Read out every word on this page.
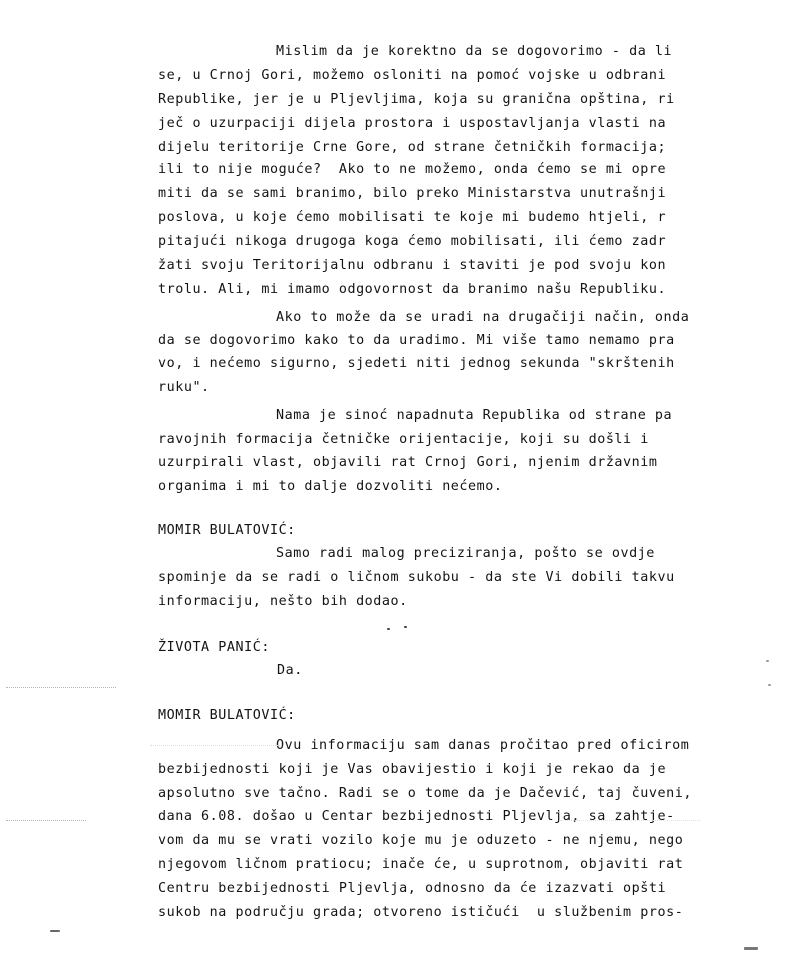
Mislim da je korektno da se dogovorimo - da li
se, u Crnoj Gori, možemo osloniti na pomoć vojske u odbrani
Republike, jer je u Pljevljima, koja su granična opština, ri
ječ o uzurpaciji dijela prostora i uspostavljanja vlasti na
dijelu teritorije Crne Gore, od strane četničkih formacija;
ili to nije moguće?  Ako to ne možemo, onda ćemo se mi opre
miti da se sami branimo, bilo preko Ministarstva unutrašnji
poslova, u koje ćemo mobilisati te koje mi budemo htjeli, r
pitajući nikoga drugoga koga ćemo mobilisati, ili ćemo zadr
žati svoju Teritorijalnu odbranu i staviti je pod svoju kon
trolu. Ali, mi imamo odgovornost da branimo našu Republiku.
Ako to može da se uradi na drugačiji način, onda
da se dogovorimo kako to da uradimo. Mi više tamo nemamo pra
vo, i nećemo sigurno, sjedeti niti jednog sekunda "skrštenih
ruku".
Nama je sinoć napadnuta Republika od strane pa
ravojnih formacija četničke orijentacije, koji su došli i
uzurpirali vlast, objavili rat Crnoj Gori, njenim državnim
organima i mi to dalje dozvoliti nećemo.
MOMIR BULATOVIĆ:
Samo radi malog preciziranja, pošto se ovdje
spominje da se radi o ličnom sukobu - da ste Vi dobili takvu
informaciju, nešto bih dodao.
ŽIVOTA PANIĆ:
Da.
MOMIR BULATOVIĆ:
Ovu informaciju sam danas pročitao pred oficirom
bezbijednosti koji je Vas obavijestio i koji je rekao da je
apsolutno sve tačno. Radi se o tome da je Dačević, taj čuveni,
dana 6.08. došao u Centar bezbijednosti Pljevlja, sa zahtje-
vom da mu se vrati vozilo koje mu je oduzeto - ne njemu, nego
njegovom ličnom pratiocu; inače će, u suprotnom, objaviti rat
Centru bezbijednosti Pljevlja, odnosno da će izazvati opšti
sukob na području grada; otvoreno ističući  u službenim pros-
